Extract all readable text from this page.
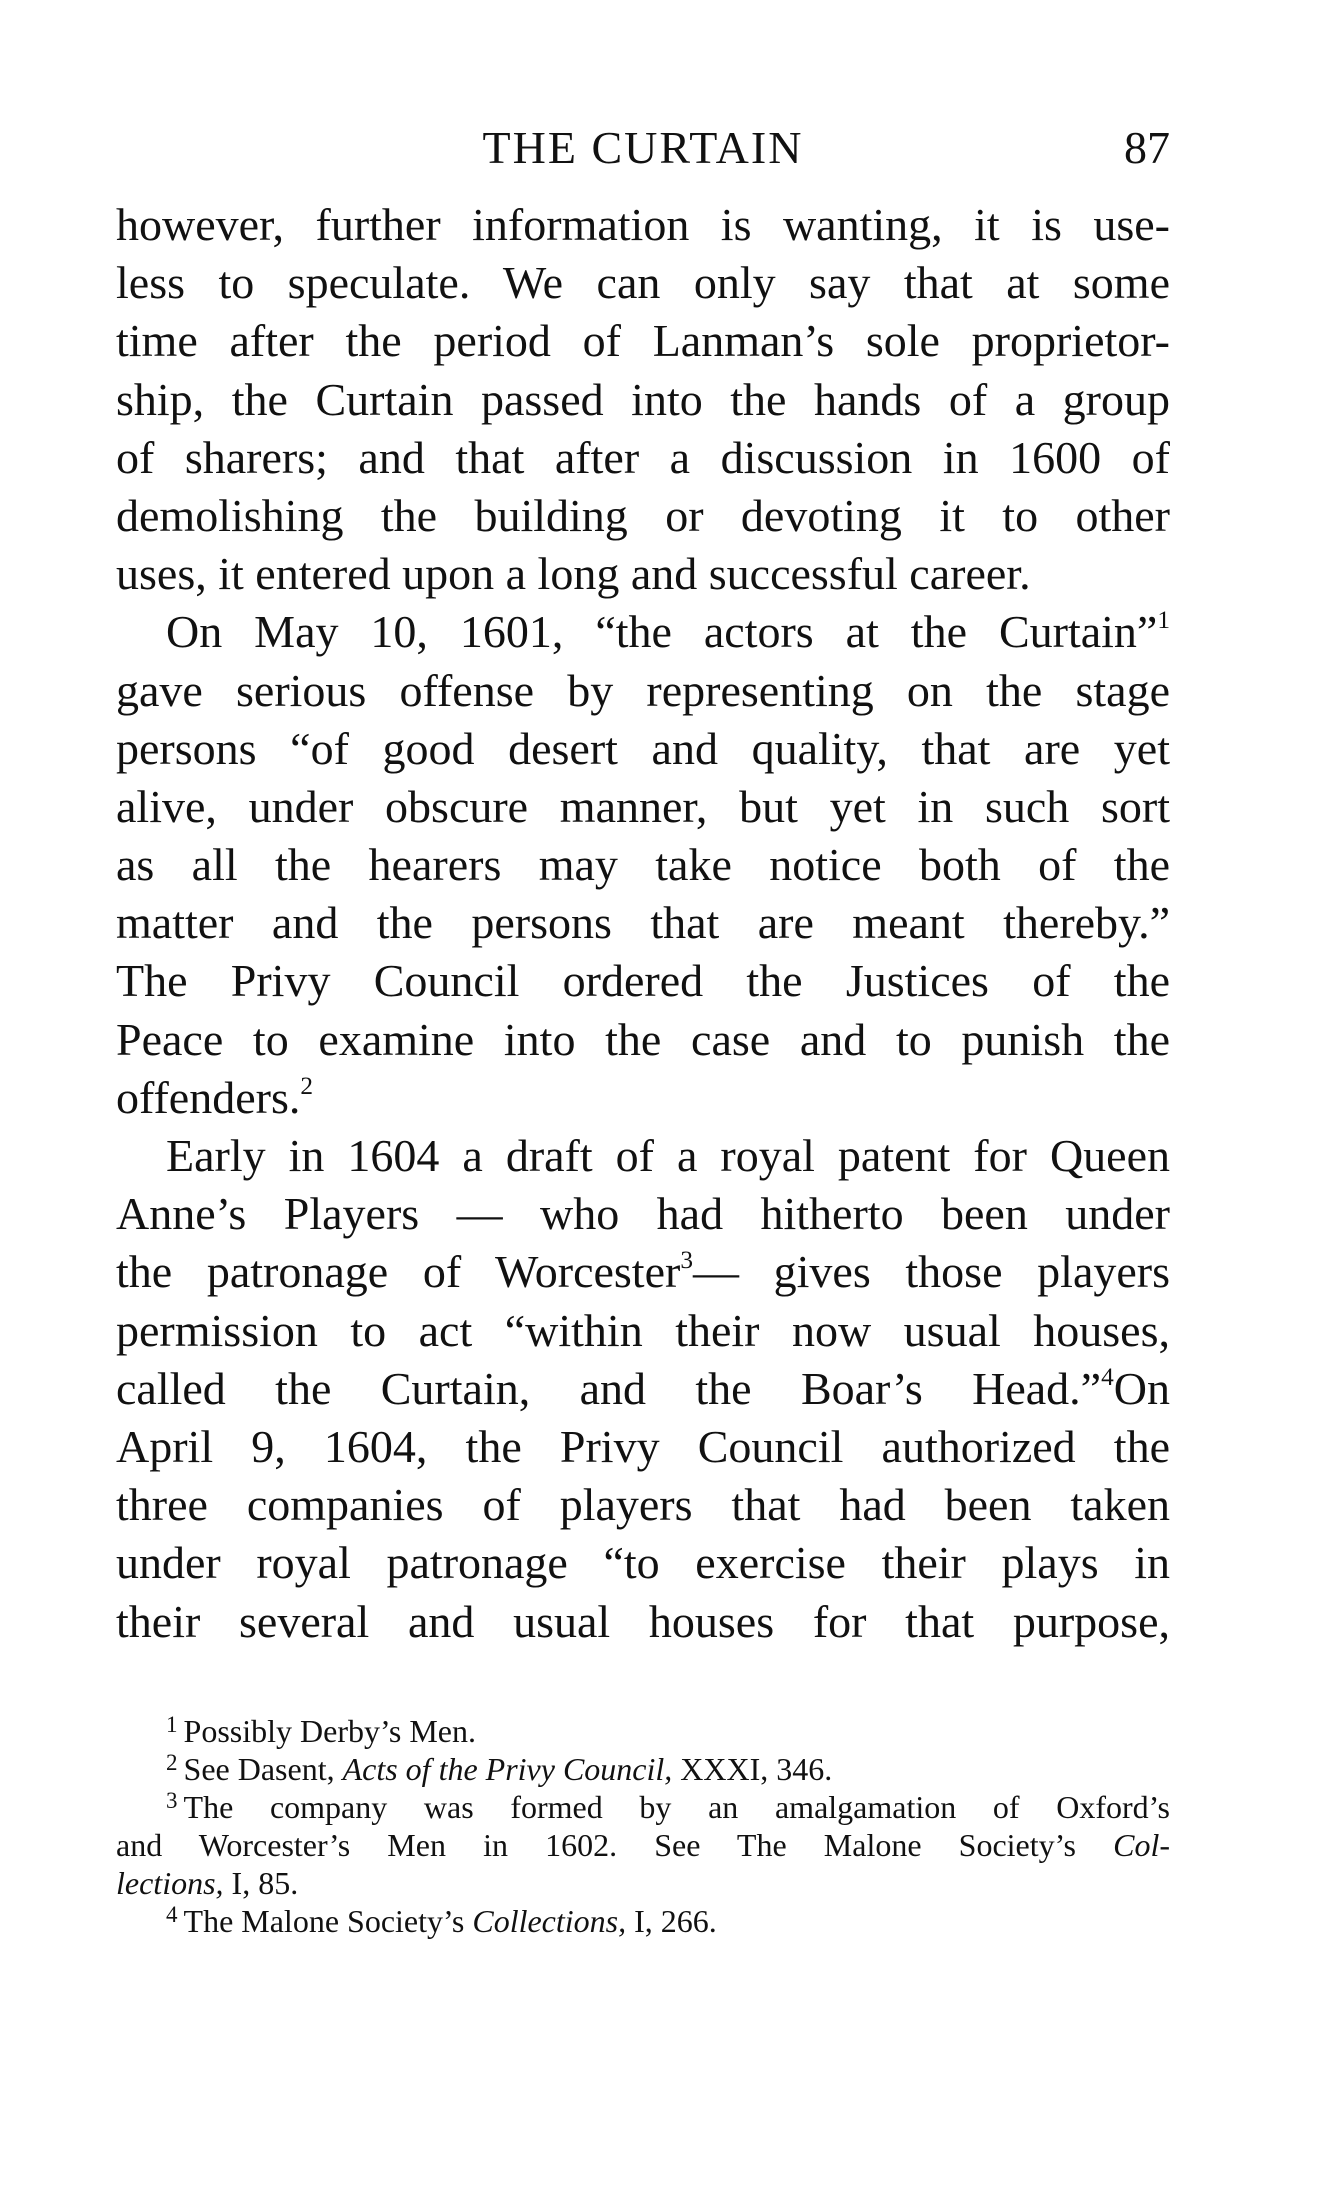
THE CURTAIN	87
however, further information is wanting, it is use-
less to speculate. We can only say that at some
time after the period of Lanman’s sole proprietor-
ship, the Curtain passed into the hands of a group
of sharers; and that after a discussion in 1600 of
demolishing the building or devoting it to other
uses, it entered upon a long and successful career.
On May 10, 1601, “the actors at the Curtain”$^1$
gave serious offense by representing on the stage
persons “of good desert and quality, that are yet
alive, under obscure manner, but yet in such sort
as all the hearers may take notice both of the
matter and the persons that are meant thereby.”
The Privy Council ordered the Justices of the
Peace to examine into the case and to punish the
offenders.$^2$
Early in 1604 a draft of a royal patent for Queen
Anne’s Players — who had hitherto been under
the patronage of Worcester$^3$— gives those players
permission to act “within their now usual houses,
called the Curtain, and the Boar’s Head.”$^4$On
April 9, 1604, the Privy Council authorized the
three companies of players that had been taken
under royal patronage “to exercise their plays in
their several and usual houses for that purpose,
$^1$ Possibly Derby’s Men.
$^2$ See Dasent, Acts of the Privy Council, XXXI, 346.
$^3$ The company was formed by an amalgamation of Oxford’s
and Worcester’s Men in 1602. See The Malone Society’s Col-
lections, I, 85.
$^4$ The Malone Society’s Collections, I, 266.
